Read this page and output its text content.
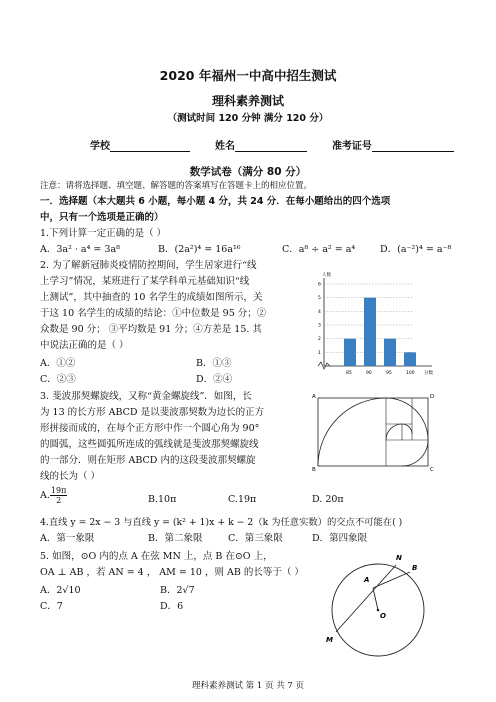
2020 年福州一中高中招生测试
理科素养测试
（测试时间 120 分钟 满分 120 分）
学校	姓名	准考证号
数学试卷（满分 80 分）
注意：请将选择题、填空题、解答题的答案填写在答题卡上的相应位置。
一．选择题（本大题共 6 小题，每小题 4 分，共 24 分．在每小题给出的四个选项
中，只有一个选项是正确的）
1.下列计算一定正确的是（ ）
A．3a² · a⁴ = 3a⁸	B．(2a²)⁴ = 16a¹⁶	C．a⁸ ÷ a² = a⁴	D．(a⁻²)⁴ = a⁻⁸
2. 为了解新冠肺炎疫情防控期间，学生居家进行“线
上学习”情况，某班进行了某学科单元基础知识“线
上测试”，其中抽查的 10 名学生的成绩如图所示，关
于这 10 名学生的成绩的结论：①中位数是 95 分；②
众数是 90 分； ③平均数是 91 分；④方差是 15. 其
中说法正确的是（ ）
A．①②	B．①③
C．②③	D．②④
人数
分数
1
2
3
4
5
6
85	90	95	100
3. 斐波那契螺旋线，又称“黄金螺旋线”．如图，长
为 13 的长方形 ABCD 是以斐波那契数为边长的正方
形拼接而成的，在每个正方形中作一个圆心角为 90°
的圆弧，这些圆弧所连成的弧线就是斐波那契螺旋线
的一部分．则在矩形 ABCD 内的这段斐波那契螺旋
线的长为（ ）
A. $\frac{19\pi}{2}$	B.10π	C.19π	D. 20π
A	D
B	C
4.直线 y = 2x − 3 与直线 y = (k² + 1)x + k − 2（k 为任意实数）的交点不可能在( )
A．第一象限	B．第二象限	C．第三象限	D．第四象限
5. 如图，⊙O 内的点 A 在弦 MN 上，点 B 在⊙O 上，
OA ⊥ AB ，若 AN = 4 ， AM = 10 ，则 AB 的长等于（ ）
A．2√10	B．2√7
C．7	D．6
N
B
A
O
M
理科素养测试 第 1 页 共 7 页
